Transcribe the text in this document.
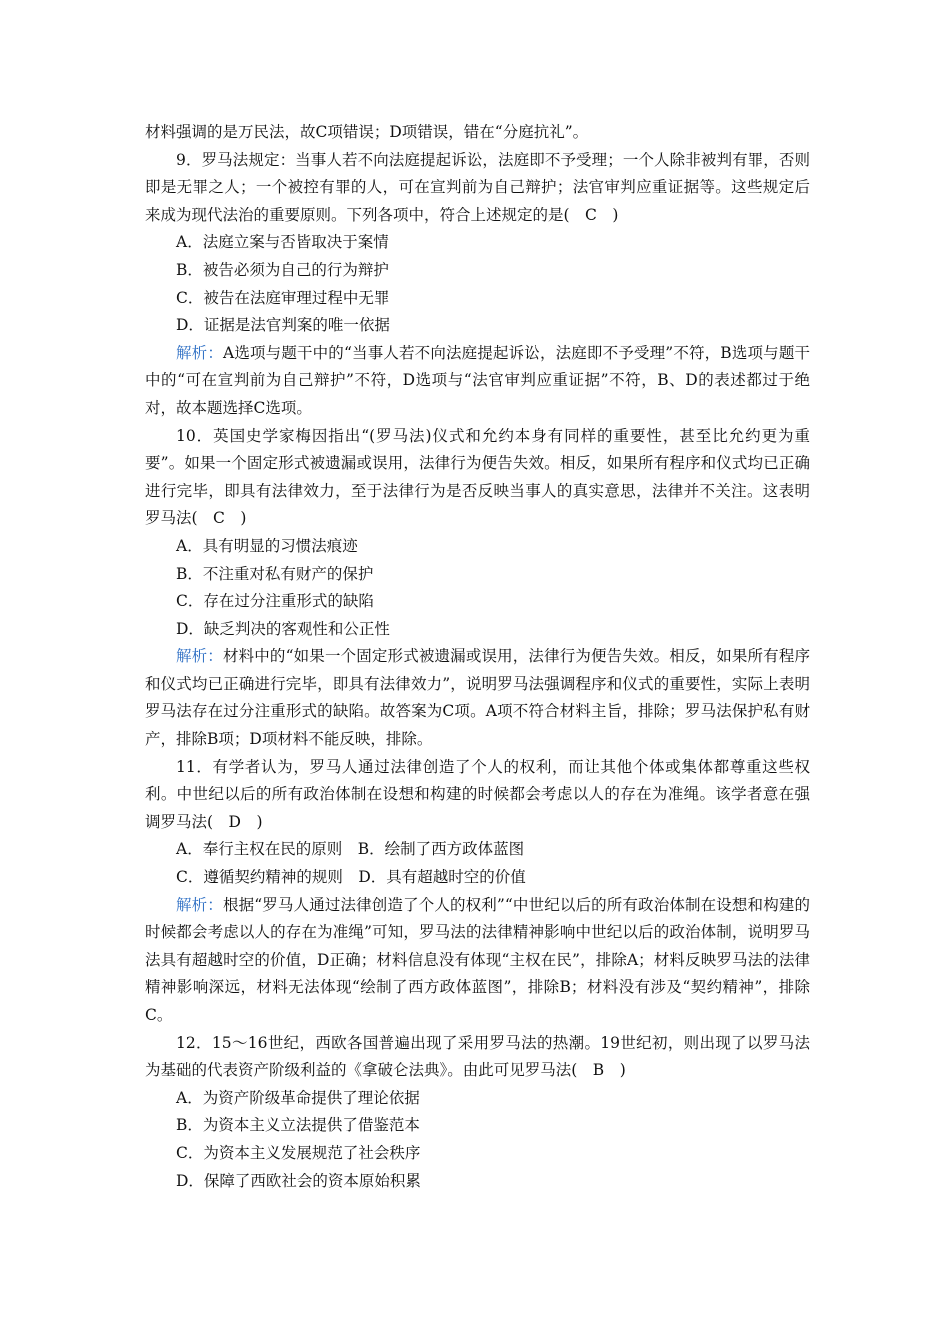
材料强调的是万民法，故C项错误；D项错误，错在“分庭抗礼”。

9．罗马法规定：当事人若不向法庭提起诉讼，法庭即不予受理；一个人除非被判有罪，否则即是无罪之人；一个被控有罪的人，可在宣判前为自己辩护；法官审判应重证据等。这些规定后来成为现代法治的重要原则。下列各项中，符合上述规定的是(　C　)

A．法庭立案与否皆取决于案情
B．被告必须为自己的行为辩护
C．被告在法庭审理过程中无罪
D．证据是法官判案的唯一依据

解析：A选项与题干中的“当事人若不向法庭提起诉讼，法庭即不予受理”不符，B选项与题干中的“可在宣判前为自己辩护”不符，D选项与“法官审判应重证据”不符，B、D的表述都过于绝对，故本题选择C选项。

10．英国史学家梅因指出“(罗马法)仪式和允约本身有同样的重要性，甚至比允约更为重要”。如果一个固定形式被遗漏或误用，法律行为便告失效。相反，如果所有程序和仪式均已正确进行完毕，即具有法律效力，至于法律行为是否反映当事人的真实意思，法律并不关注。这表明罗马法(　C　)

A．具有明显的习惯法痕迹
B．不注重对私有财产的保护
C．存在过分注重形式的缺陷
D．缺乏判决的客观性和公正性

解析：材料中的“如果一个固定形式被遗漏或误用，法律行为便告失效。相反，如果所有程序和仪式均已正确进行完毕，即具有法律效力”，说明罗马法强调程序和仪式的重要性，实际上表明罗马法存在过分注重形式的缺陷。故答案为C项。A项不符合材料主旨，排除；罗马法保护私有财产，排除B项；D项材料不能反映，排除。

11．有学者认为，罗马人通过法律创造了个人的权利，而让其他个体或集体都尊重这些权利。中世纪以后的所有政治体制在设想和构建的时候都会考虑以人的存在为准绳。该学者意在强调罗马法(　D　)

A．奉行主权在民的原则　B．绘制了西方政体蓝图
C．遵循契约精神的规则　D．具有超越时空的价值

解析：根据“罗马人通过法律创造了个人的权利”“中世纪以后的所有政治体制在设想和构建的时候都会考虑以人的存在为准绳”可知，罗马法的法律精神影响中世纪以后的政治体制，说明罗马法具有超越时空的价值，D正确；材料信息没有体现“主权在民”，排除A；材料反映罗马法的法律精神影响深远，材料无法体现“绘制了西方政体蓝图”，排除B；材料没有涉及“契约精神”，排除C。

12．15～16世纪，西欧各国普遍出现了采用罗马法的热潮。19世纪初，则出现了以罗马法为基础的代表资产阶级利益的《拿破仑法典》。由此可见罗马法(　B　)

A．为资产阶级革命提供了理论依据
B．为资本主义立法提供了借鉴范本
C．为资本主义发展规范了社会秩序
D．保障了西欧社会的资本原始积累
